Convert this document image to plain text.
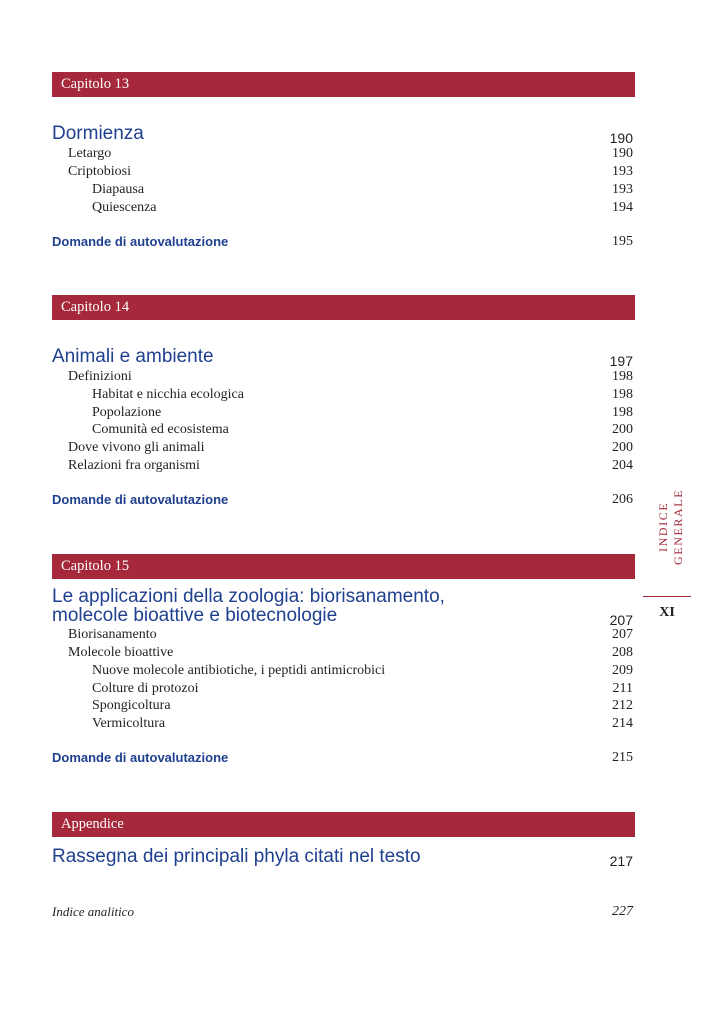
Capitolo 13
Dormienza	190
Letargo	190
Criptobiosi	193
Diapausa	193
Quiescenza	194
Domande di autovalutazione	195
Capitolo 14
Animali e ambiente	197
Definizioni	198
Habitat e nicchia ecologica	198
Popolazione	198
Comunità ed ecosistema	200
Dove vivono gli animali	200
Relazioni fra organismi	204
Domande di autovalutazione	206
Capitolo 15
Le applicazioni della zoologia: biorisanamento,
molecole bioattive e biotecnologie	207
Biorisanamento	207
Molecole bioattive	208
Nuove molecole antibiotiche, i peptidi antimicrobici	209
Colture di protozoi	211
Spongicoltura	212
Vermicoltura	214
Domande di autovalutazione	215
Appendice
Rassegna dei principali phyla citati nel testo	217
Indice analitico	227
INDICE GENERALE
XI
